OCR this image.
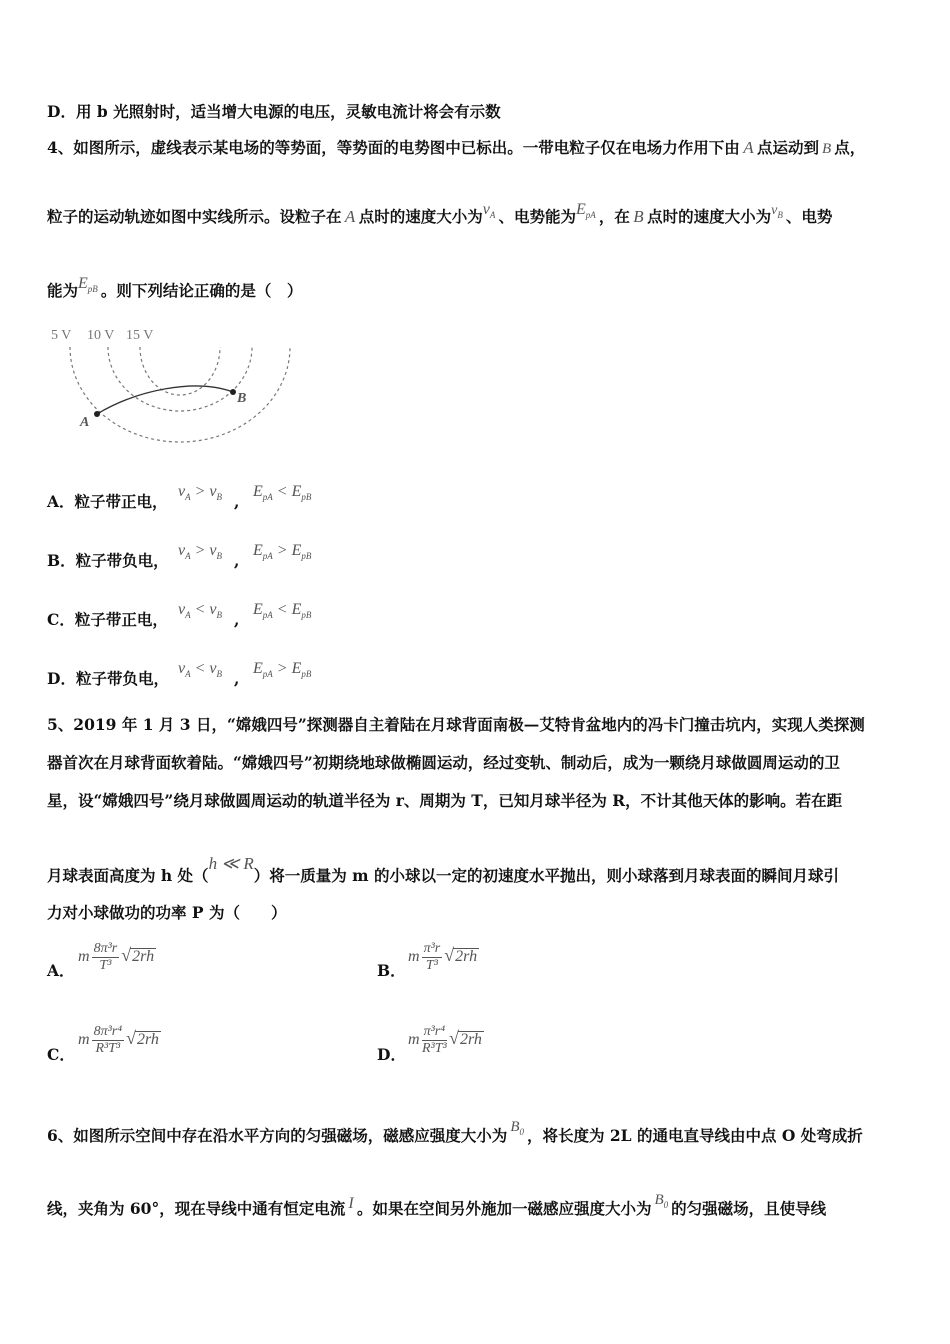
D．用 b 光照射时，适当增大电源的电压，灵敏电流计将会有示数
4、如图所示，虚线表示某电场的等势面，等势面的电势图中已标出。一带电粒子仅在电场力作用下由  A  点运动到  B  点，
粒子的运动轨迹如图中实线所示。设粒子在 A 点时的速度大小为$v_A$  、电势能为$E_{pA}$  ，在 B 点时的速度大小为$v_B$  、电势
能为$E_{pB}$  。则下列结论正确的是（　）
5 V 10 V 15 V
A
B
A．粒子带正电，
$v_A > v_B$ ,
$E_{pA} < E_{pB}$
B．粒子带负电，
$v_A > v_B$ ,
$E_{pA} > E_{pB}$
C．粒子带正电，
$v_A < v_B$ ,
$E_{pA} < E_{pB}$
D．粒子带负电，
$v_A < v_B$ ,
$E_{pA} > E_{pB}$
5、2019 年 1 月 3 日，“嫦娥四号”探测器自主着陆在月球背面南极—艾特肯盆地内的冯卡门撞击坑内，实现人类探测
器首次在月球背面软着陆。“嫦娥四号”初期绕地球做椭圆运动，经过变轨、制动后，成为一颗绕月球做圆周运动的卫
星，设“嫦娥四号”绕月球做圆周运动的轨道半径为 r、周期为 T，已知月球半径为 R，不计其他天体的影响。若在距
月球表面高度为 h 处（h ≪ R）将一质量为 m 的小球以一定的初速度水平抛出，则小球落到月球表面的瞬间月球引
力对小球做功的功率 P 为（　　）
A．
m $\frac{\text{8π³r}}{\text{T³}} √2rh$
B．
m $\frac{\text{π³r}}{\text{T³}} √2rh$
C．
m $\frac{\text{8π³r⁴}}{\text{R³T³}} √2rh$
D．
m $\frac{\text{π³r⁴}}{\text{R³T³}} √2rh$
6、如图所示空间中存在沿水平方向的匀强磁场，磁感应强度大小为  $B_0$  ，将长度为 2L 的通电直导线由中点 O 处弯成折
线，夹角为 60°，现在导线中通有恒定电流  I  。如果在空间另外施加一磁感应强度大小为  $B_0$  的匀强磁场，且使导线
